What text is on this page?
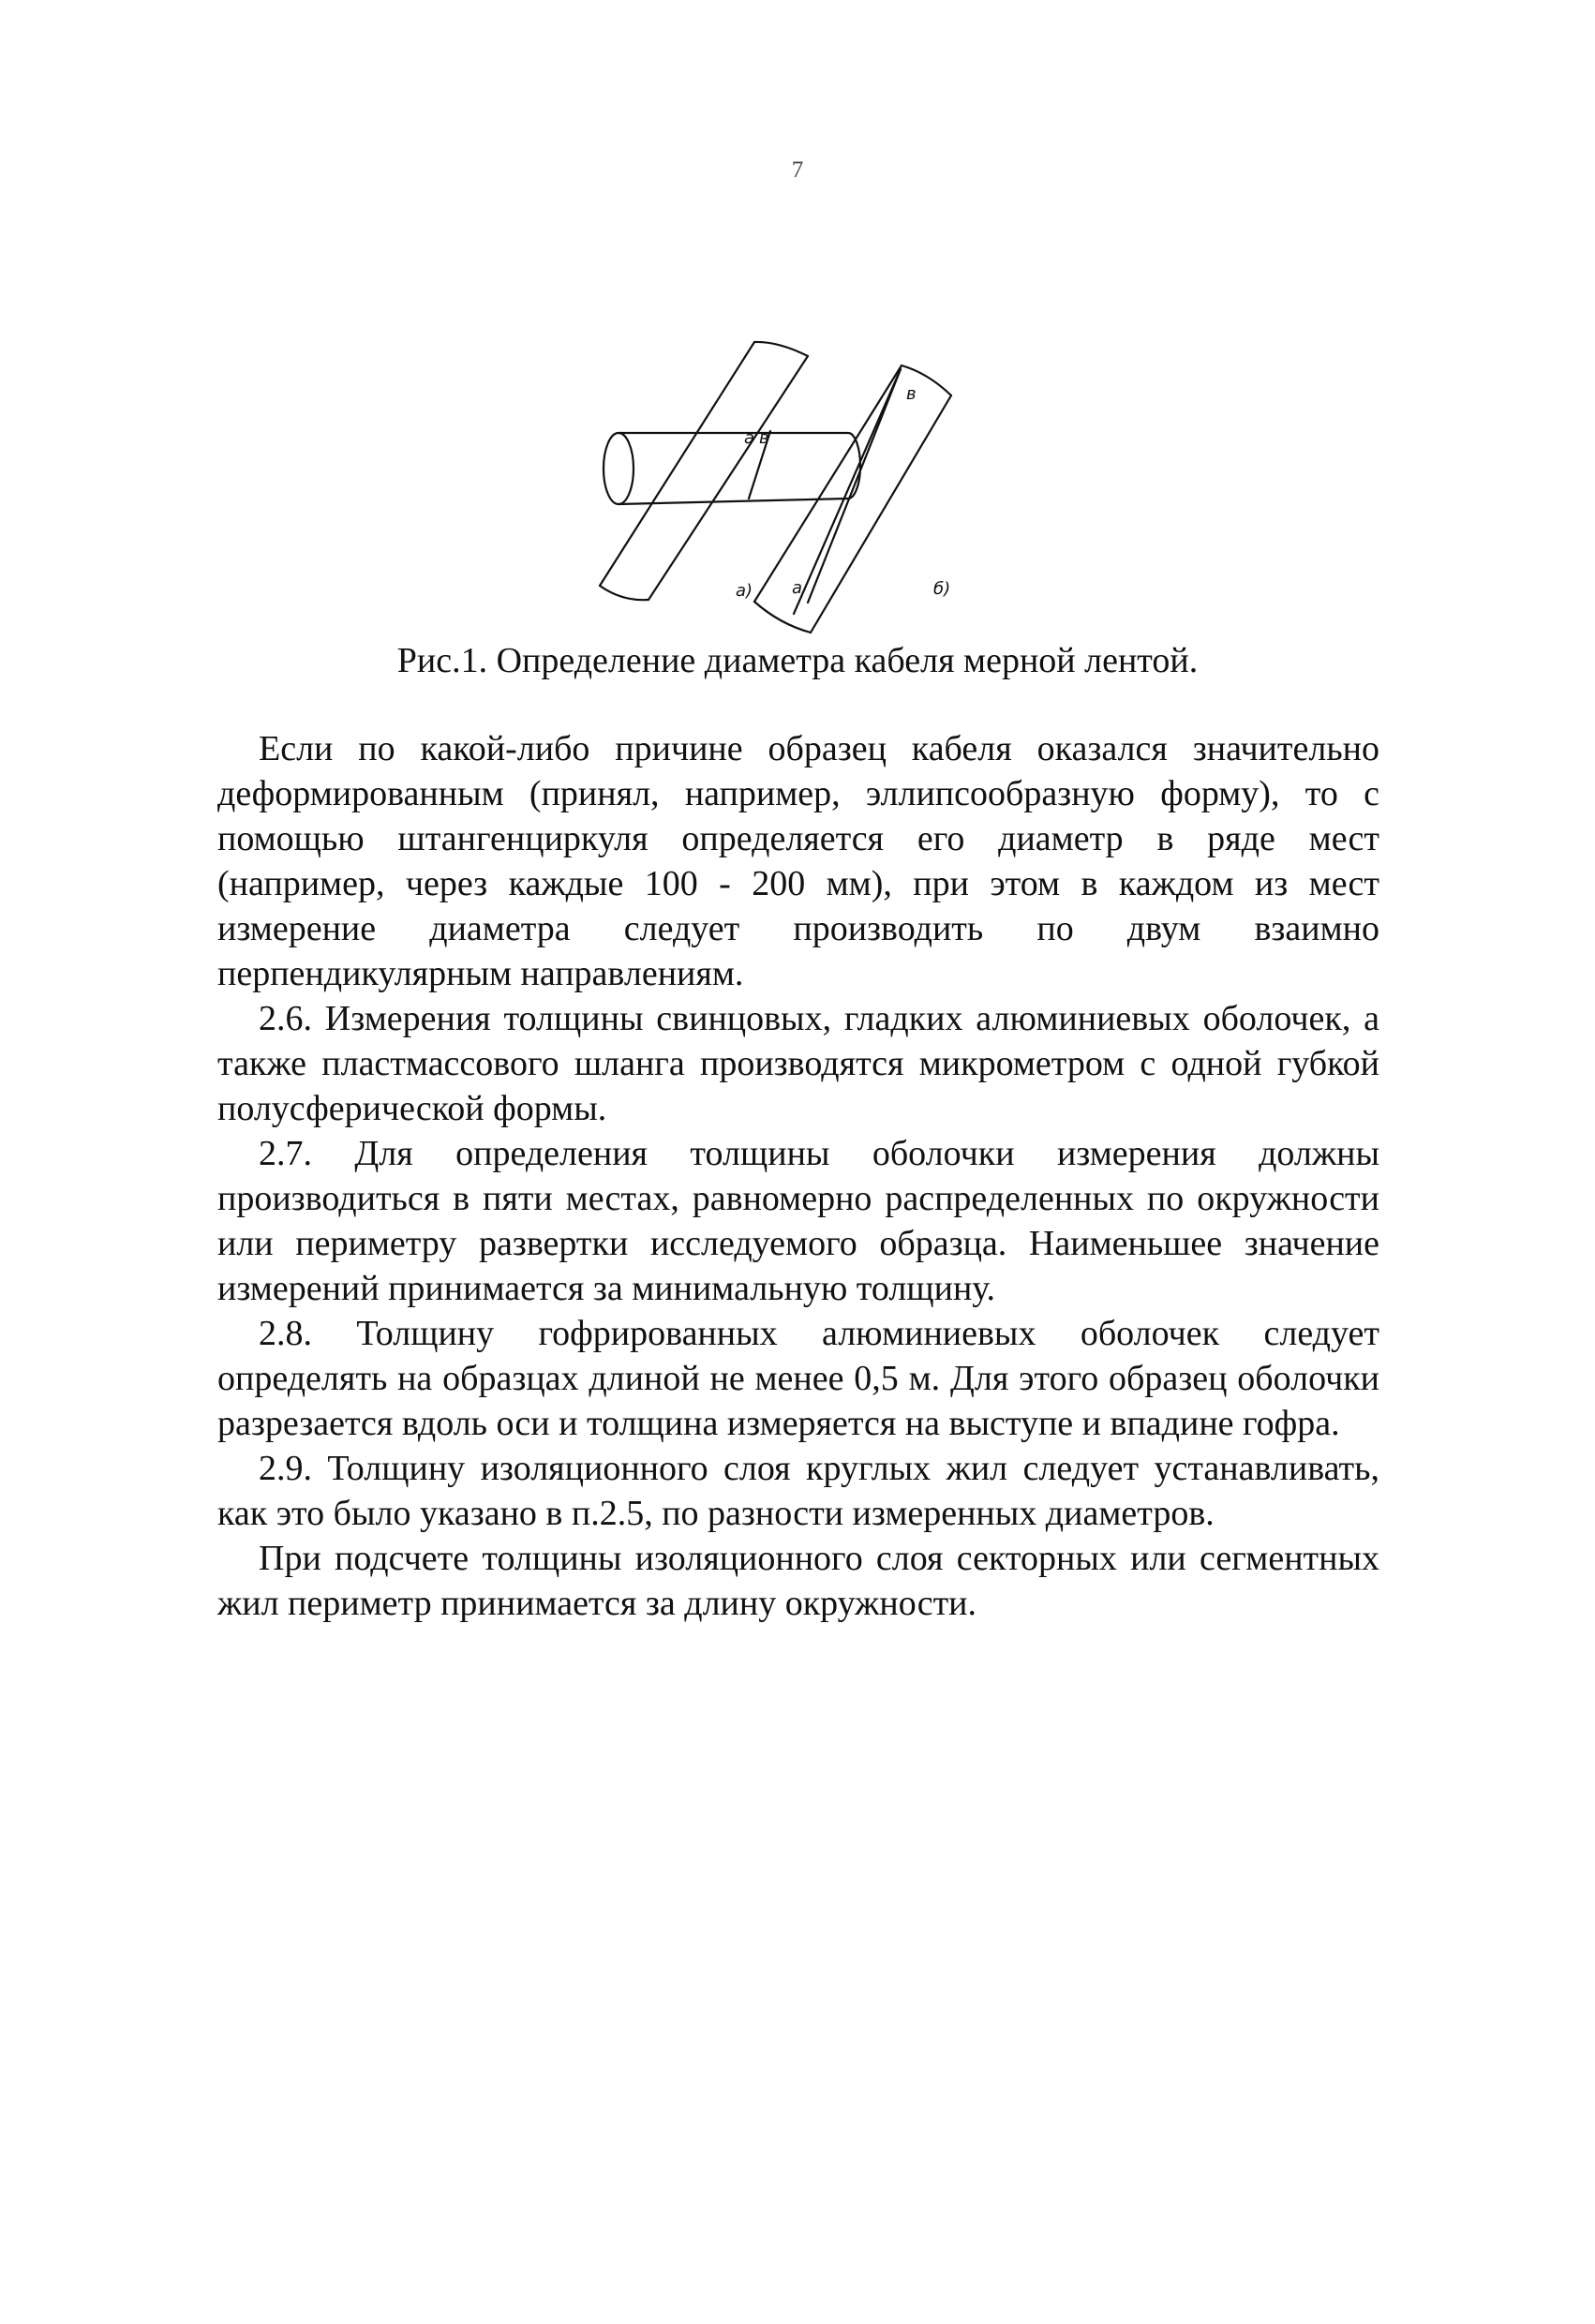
7
а в
а)
в
а	б)
Рис.1. Определение диаметра кабеля мерной лентой.

Если по какой-либо причине образец кабеля оказался значительно деформированным (принял, например, эллипсообразную форму), то с помощью штангенциркуля определяется его диаметр в ряде мест (например, через каждые 100 - 200 мм), при этом в каждом из мест измерение диаметра следует производить по двум взаимно перпендикулярным направлениям.

2.6. Измерения толщины свинцовых, гладких алюминиевых оболочек, а также пластмассового шланга производятся микрометром с одной губкой полусферической формы.

2.7. Для определения толщины оболочки измерения должны производиться в пяти местах, равномерно распределенных по окружности или периметру развертки исследуемого образца. Наименьшее значение измерений принимается за минимальную толщину.

2.8. Толщину гофрированных алюминиевых оболочек следует определять на образцах длиной не менее 0,5 м. Для этого образец оболочки разрезается вдоль оси и толщина измеряется на выступе и впадине гофра.

2.9. Толщину изоляционного слоя круглых жил следует устанавливать, как это было указано в п.2.5, по разности измеренных диаметров.

При подсчете толщины изоляционного слоя секторных или сегментных жил периметр принимается за длину окружности.
